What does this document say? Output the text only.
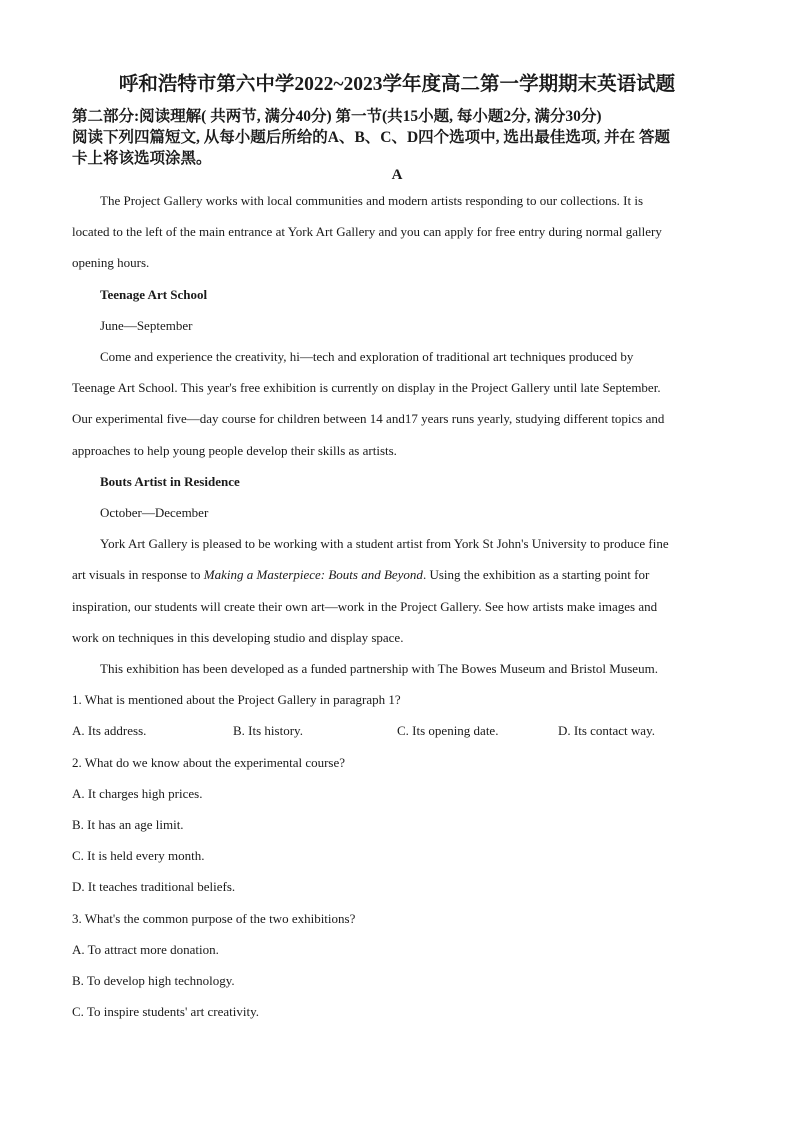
呼和浩特市第六中学2022~2023学年度高二第一学期期末英语试题
第二部分:阅读理解( 共两节, 满分40分) 第一节(共15小题, 每小题2分, 满分30分)
阅读下列四篇短文, 从每小题后所给的A、B、C、D四个选项中, 选出最佳选项, 并在 答题
卡上将该选项涂黑。
A
The Project Gallery works with local communities and modern artists responding to our collections. It is
located to the left of the main entrance at York Art Gallery and you can apply for free entry during normal gallery
opening hours.
Teenage Art School
June—September
Come and experience the creativity, hi—tech and exploration of traditional art techniques produced by
Teenage Art School. This year's free exhibition is currently on display in the Project Gallery until late September.
Our experimental five—day course for children between 14 and17 years runs yearly, studying different topics and
approaches to help young people develop their skills as artists.
Bouts Artist in Residence
October—December
York Art Gallery is pleased to be working with a student artist from York St John's University to produce fine
art visuals in response to Making a Masterpiece: Bouts and Beyond. Using the exhibition as a starting point for
inspiration, our students will create their own art—work in the Project Gallery. See how artists make images and
work on techniques in this developing studio and display space.
This exhibition has been developed as a funded partnership with The Bowes Museum and Bristol Museum.
1. What is mentioned about the Project Gallery in paragraph 1?
A. Its address.	B. Its history.	C. Its opening date.	D. Its contact way.
2. What do we know about the experimental course?
A. It charges high prices.
B. It has an age limit.
C. It is held every month.
D. It teaches traditional beliefs.
3. What's the common purpose of the two exhibitions?
A. To attract more donation.
B. To develop high technology.
C. To inspire students' art creativity.
